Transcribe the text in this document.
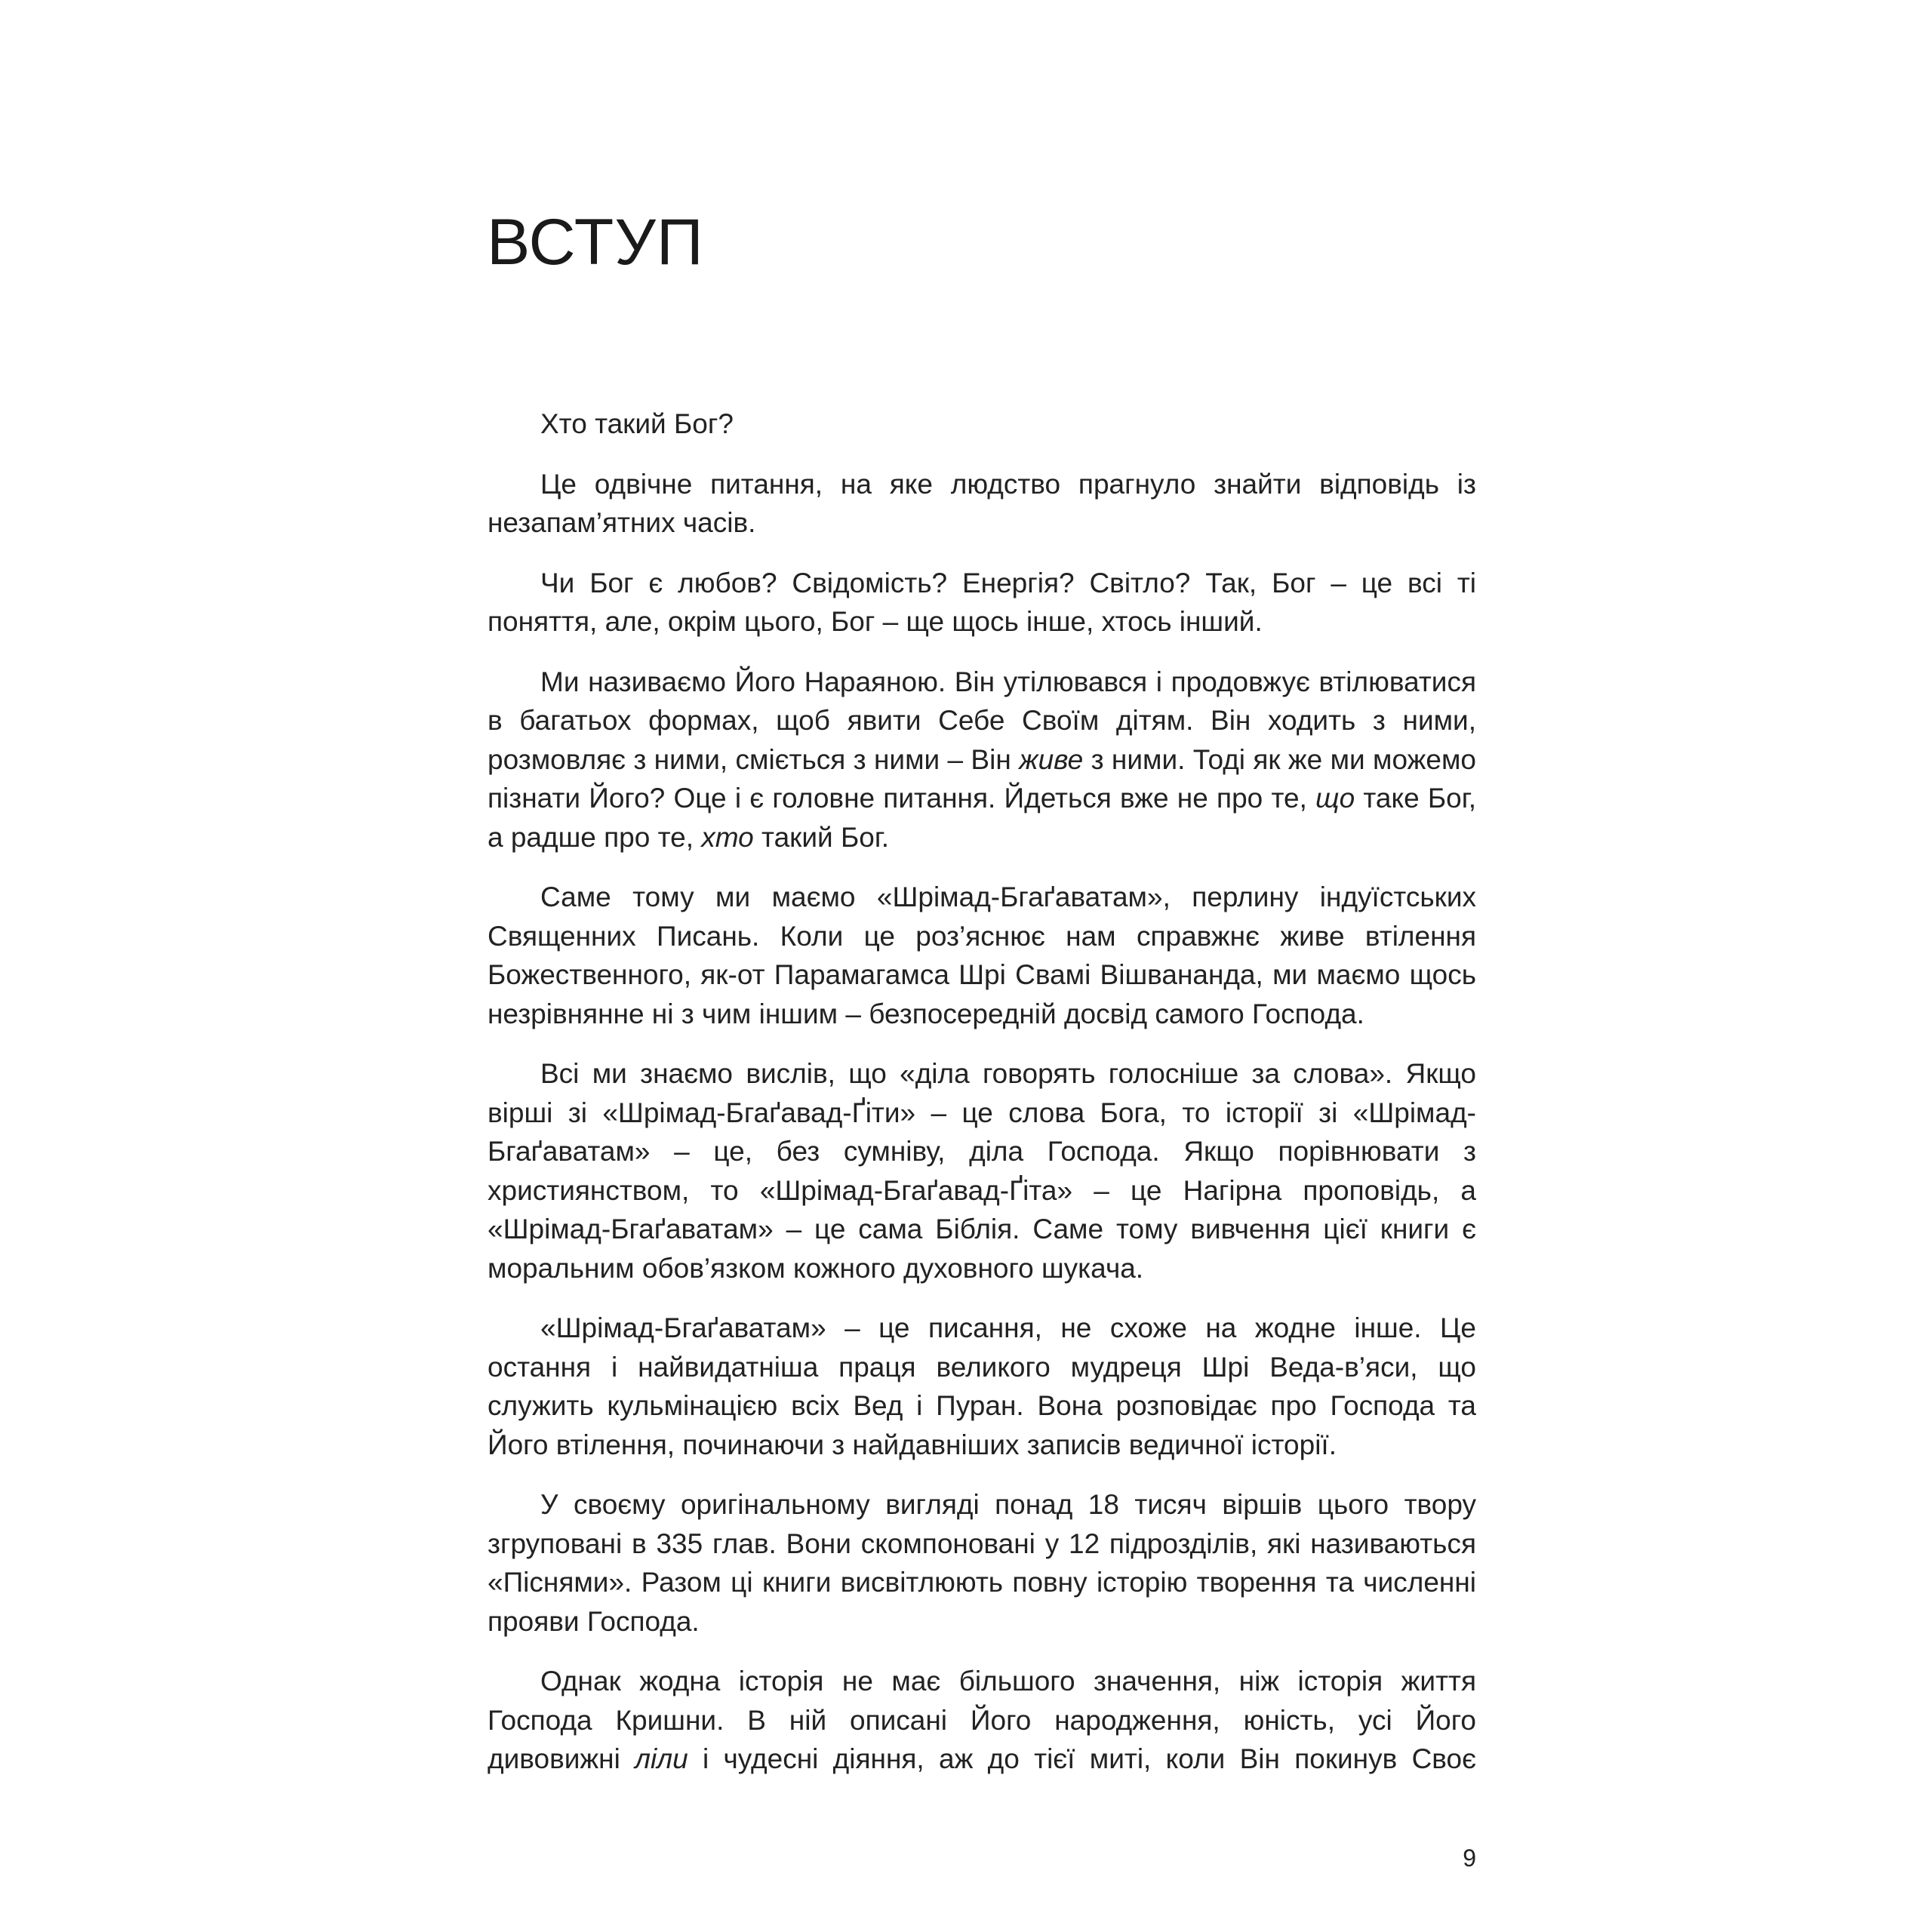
ВСТУП

Хто такий Бог?

Це одвічне питання, на яке людство прагнуло знайти відповідь із незапам’ятних часів.

Чи Бог є любов? Свідомість? Енергія? Світло? Так, Бог – це всі ті поняття, але, окрім цього, Бог – ще щось інше, хтось інший.

Ми називаємо Його Нараяною. Він утілювався і продовжує втілюватися в багатьох формах, щоб явити Себе Своїм дітям. Він ходить з ними, розмовляє з ними, сміється з ними – Він живе з ними. Тоді як же ми можемо пізнати Його? Оце і є головне питання. Йдеться вже не про те, що таке Бог, а радше про те, хто такий Бог.

Саме тому ми маємо «Шрімад-Бгаґаватам», перлину індуїстських Священних Писань. Коли це роз’яснює нам справжнє живе втілення Божественного, як-от Парамагамса Шрі Свамі Вішвананда, ми маємо щось незрівнянне ні з чим іншим – безпосередній досвід самого Господа.

Всі ми знаємо вислів, що «діла говорять голосніше за слова». Якщо вірші зі «Шрімад-Бгаґавад-Ґіти» – це слова Бога, то історії зі «Шрімад-Бгаґаватам» – це, без сумніву, діла Господа. Якщо порівнювати з християнством, то «Шрімад-Бгаґавад-Ґіта» – це Нагірна проповідь, а «Шрімад-Бгаґаватам» – це сама Біблія. Саме тому вивчення цієї книги є моральним обов’язком кожного духовного шукача.

«Шрімад-Бгаґаватам» – це писання, не схоже на жодне інше. Це остання і найвидатніша праця великого мудреця Шрі Веда-в’яси, що служить кульмінацією всіх Вед і Пуран. Вона розповідає про Господа та Його втілення, починаючи з найдавніших записів ведичної історії.

У своєму оригінальному вигляді понад 18 тисяч віршів цього твору згруповані в 335 глав. Вони скомпоновані у 12 підрозділів, які називаються «Піснями». Разом ці книги висвітлюють повну історію творення та численні прояви Господа.

Однак жодна історія не має більшого значення, ніж історія життя Господа Кришни. В ній описані Його народження, юність, усі Його дивовижні ліли і чудесні діяння, аж до тієї миті, коли Він покинув Своє

9
